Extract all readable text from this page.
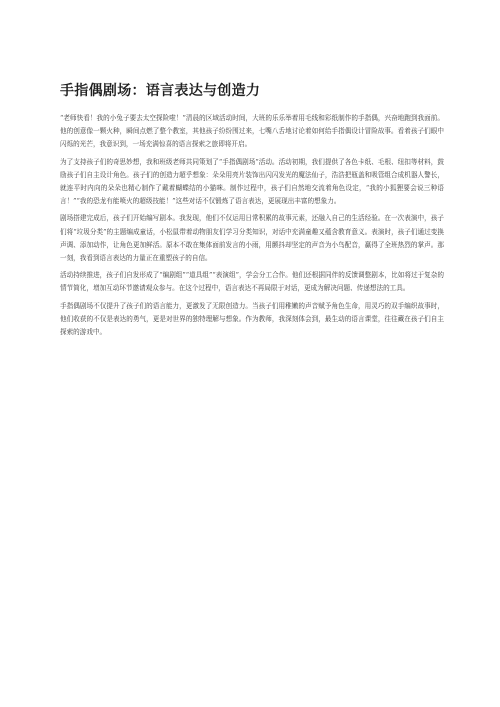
手指偶剧场：语言表达与创造力

“老师快看！我的小兔子要去太空探险啦！”清晨的区域活动时间，大班的乐乐举着用毛线和彩纸制作的手指偶，兴奋地跑到我面前。他的创意像一颗火种，瞬间点燃了整个教室，其他孩子纷纷围过来，七嘴八舌地讨论着如何给手指偶设计冒险故事。看着孩子们眼中闪烁的光芒，我意识到，一场充满惊喜的语言探索之旅即将开启。

为了支持孩子们的奇思妙想，我和班级老师共同策划了“手指偶剧场”活动。活动初期，我们提供了各色卡纸、毛根、纽扣等材料，鼓励孩子们自主设计角色。孩子们的创造力超乎想象：朵朵用亮片装饰出闪闪发光的魔法仙子，浩浩把瓶盖和吸管组合成机器人警长，就连平时内向的朵朵也精心制作了戴着蝴蝶结的小猫咪。制作过程中，孩子们自然地交流着角色设定，“我的小狐狸要会说三种语言！”“我的恐龙有能喷火的超级技能！”这些对话不仅锻炼了语言表达，更展现出丰富的想象力。

剧场搭建完成后，孩子们开始编写剧本。我发现，他们不仅运用日常积累的故事元素，还融入自己的生活经验。在一次表演中，孩子们将“垃圾分类”的主题编成童话，小松鼠带着动物朋友们学习分类知识，对话中充满童趣又蕴含教育意义。表演时，孩子们通过变换声调、添加动作，让角色更加鲜活。原本不敢在集体面前发言的小雨，用颤抖却坚定的声音为小鸟配音，赢得了全班热烈的掌声。那一刻，我看到语言表达的力量正在重塑孩子的自信。

活动持续推进，孩子们自发形成了“编剧组”“道具组”“表演组”，学会分工合作。他们还根据同伴的反馈调整剧本，比如将过于复杂的情节简化，增加互动环节邀请观众参与。在这个过程中，语言表达不再局限于对话，更成为解决问题、传递想法的工具。

手指偶剧场不仅提升了孩子们的语言能力，更激发了无限创造力。当孩子们用稚嫩的声音赋予角色生命，用灵巧的双手编织故事时，他们收获的不仅是表达的勇气，更是对世界的独特理解与想象。作为教师，我深刻体会到，最生动的语言课堂，往往藏在孩子们自主探索的游戏中。
